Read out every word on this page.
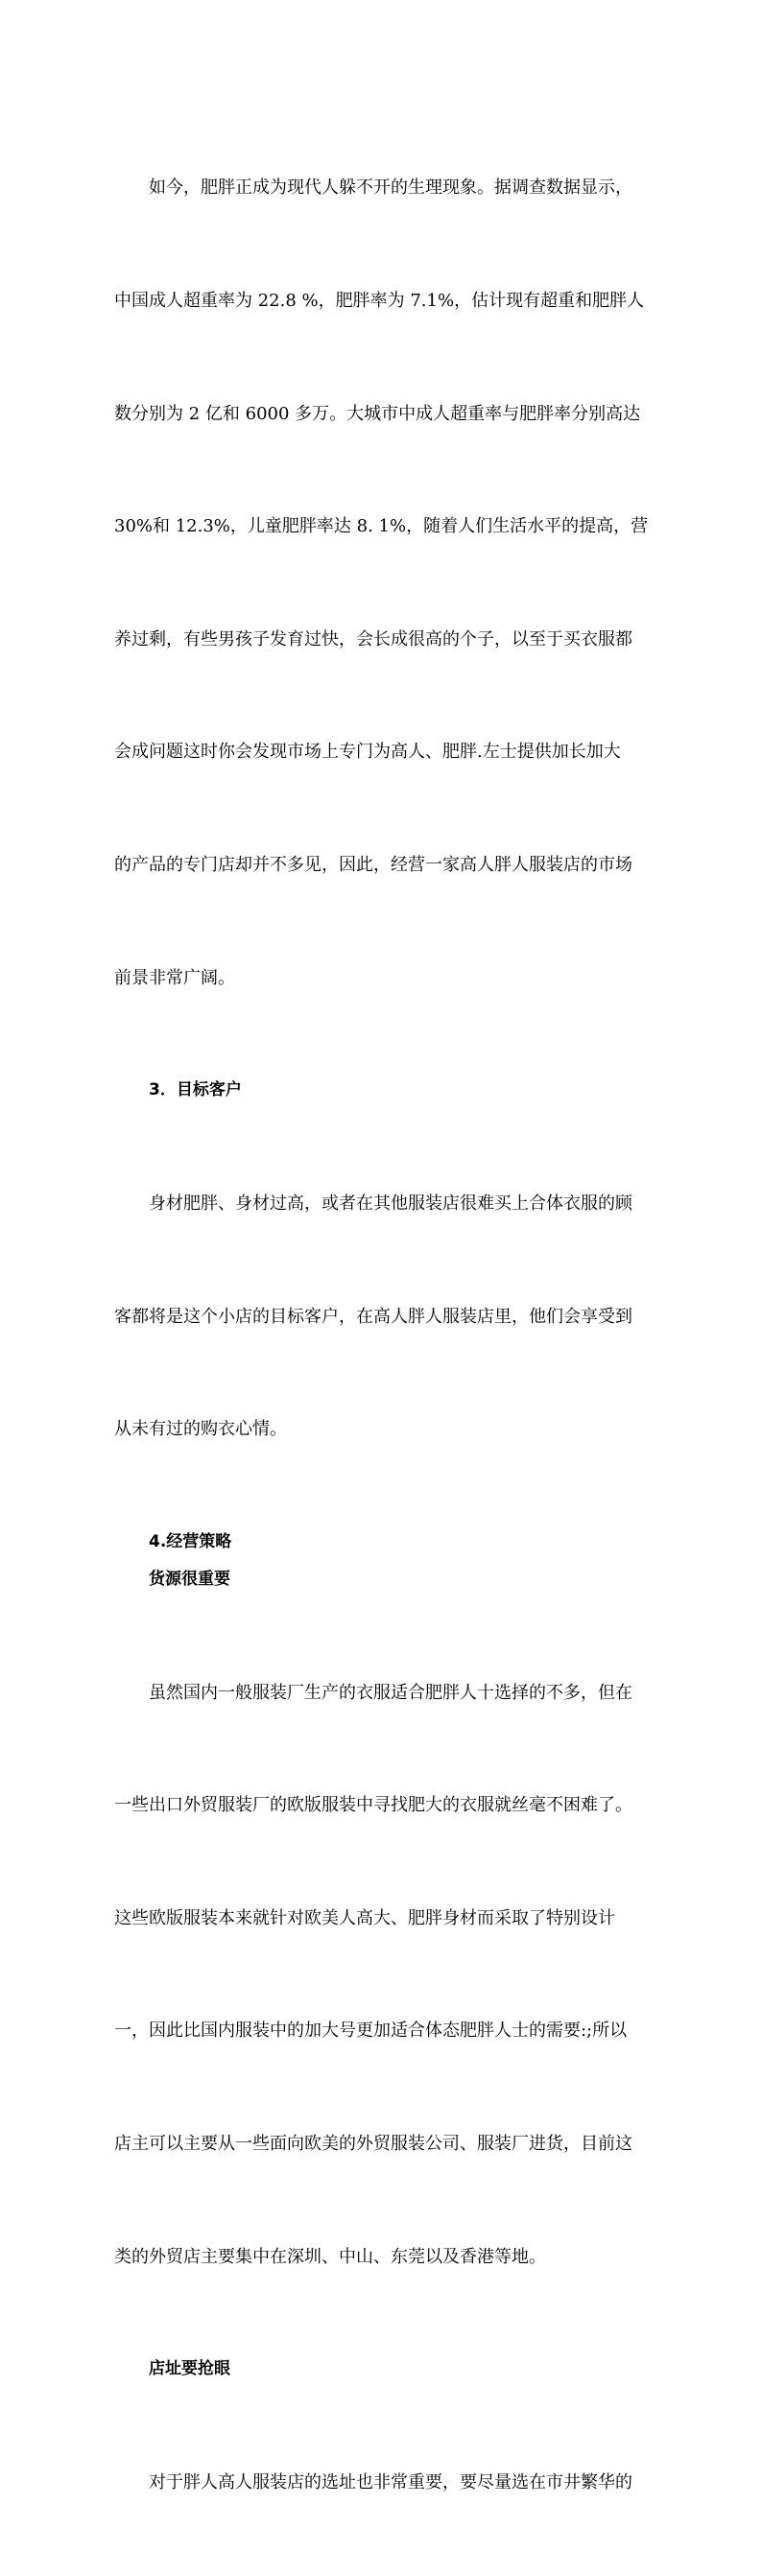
如今，肥胖正成为现代人躲不开的生理现象。据调查数据显示，

中国成人超重率为 22.8 %，肥胖率为 7.1%，估计现有超重和肥胖人

数分别为 2 亿和 6000 多万。大城市中成人超重率与肥胖率分别高达

30%和 12.3%，儿童肥胖率达 8. 1%，随着人们生活水平的提高，营

养过剩，有些男孩子发育过快，会长成很高的个子，以至于买衣服都

会成问题这时你会发现市场上专门为高人、肥胖.左士提供加长加大

的产品的专门店却并不多见，因此，经营一家高人胖人服装店的市场

前景非常广阔。

3．目标客户

身材肥胖、身材过高，或者在其他服装店很难买上合体衣服的顾

客都将是这个小店的目标客户，在高人胖人服装店里，他们会享受到

从未有过的购衣心情。

4.经营策略
货源很重要

虽然国内一般服装厂生产的衣服适合肥胖人十选择的不多，但在

一些出口外贸服装厂的欧版服装中寻找肥大的衣服就丝毫不困难了。

这些欧版服装本来就针对欧美人高大、肥胖身材而采取了特别设计

一，因此比国内服装中的加大号更加适合体态肥胖人士的需要:;所以

店主可以主要从一些面向欧美的外贸服装公司、服装厂进货，目前这

类的外贸店主要集中在深圳、中山、东莞以及香港等地。

店址要抢眼

对于胖人高人服装店的选址也非常重要，要尽量选在市井繁华的
